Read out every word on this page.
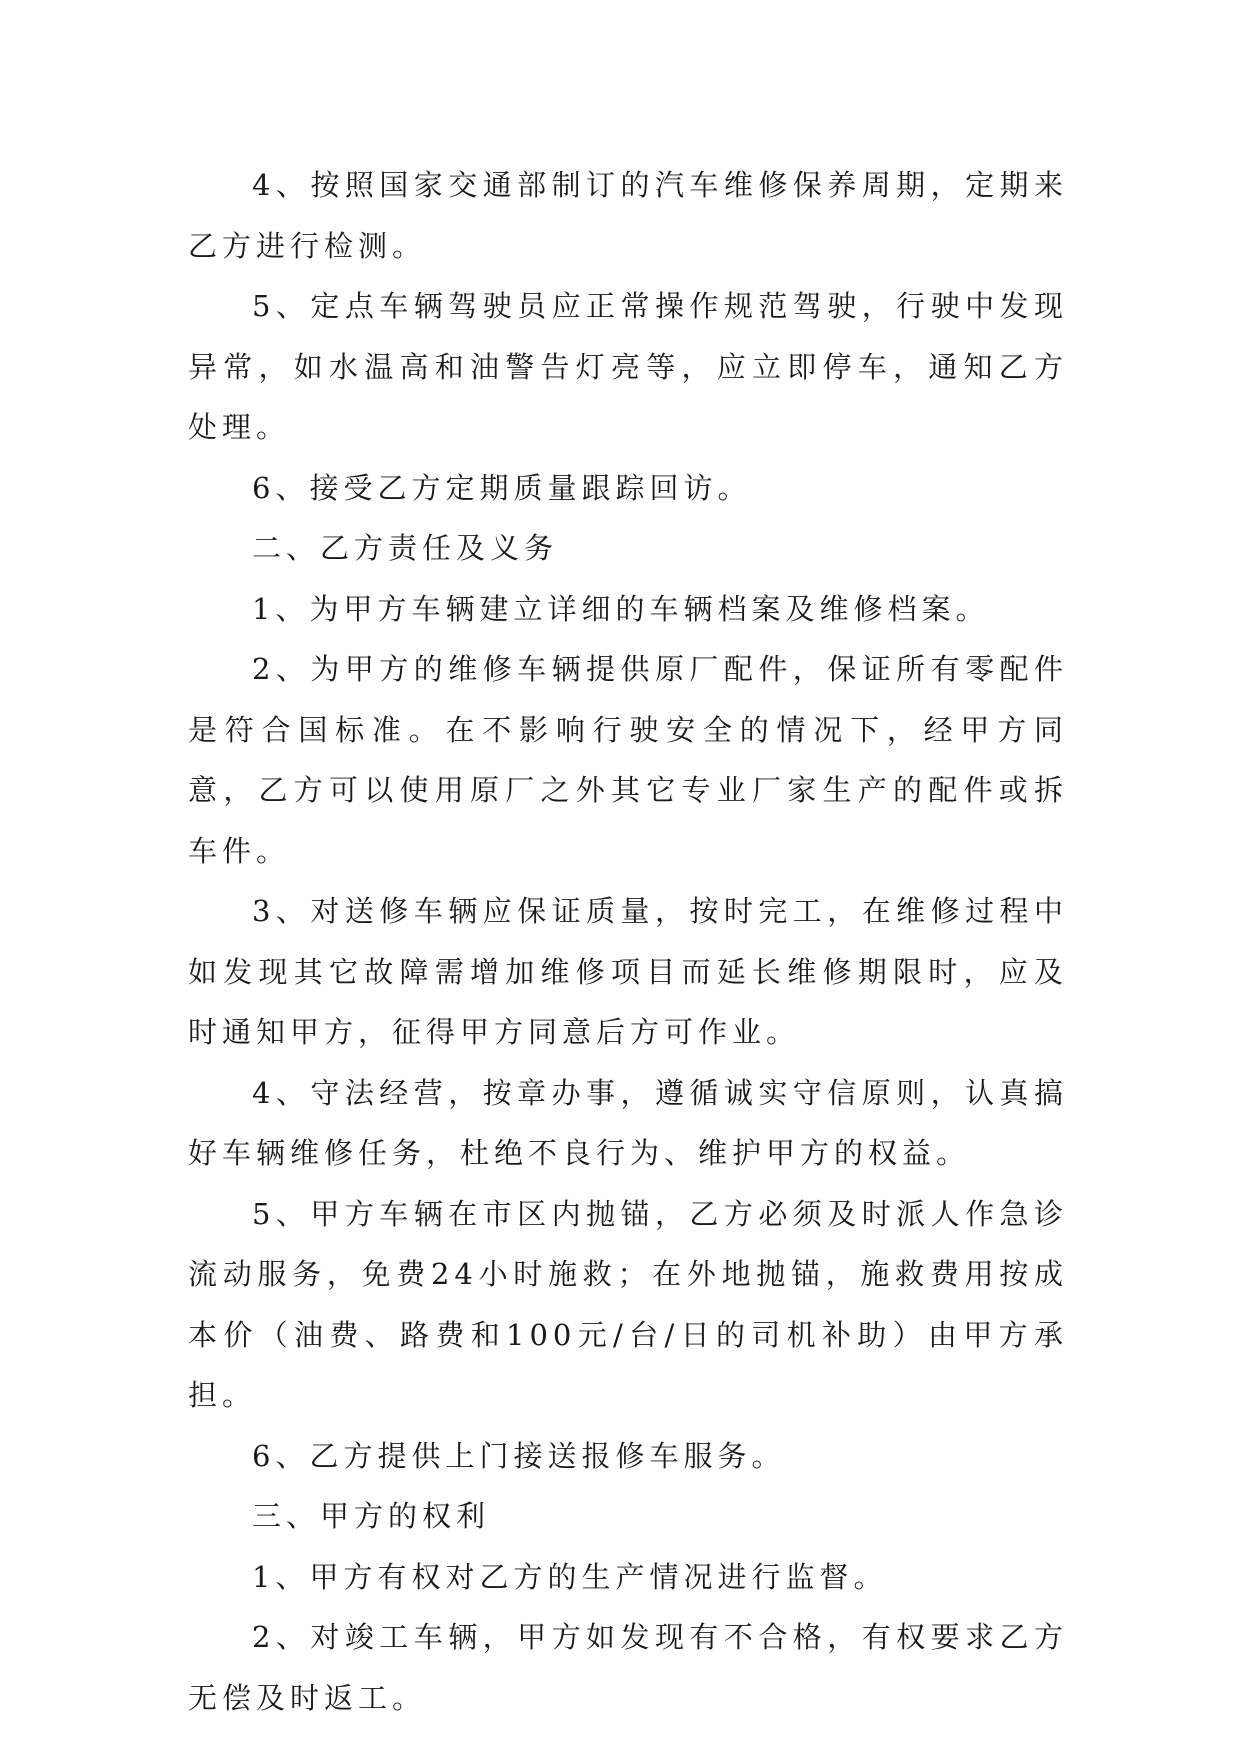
4、按照国家交通部制订的汽车维修保养周期，定期来乙方进行检测。

5、定点车辆驾驶员应正常操作规范驾驶，行驶中发现异常，如水温高和油警告灯亮等，应立即停车，通知乙方处理。

6、接受乙方定期质量跟踪回访。

二、乙方责任及义务

1、为甲方车辆建立详细的车辆档案及维修档案。

2、为甲方的维修车辆提供原厂配件，保证所有零配件是符合国标准。在不影响行驶安全的情况下，经甲方同意，乙方可以使用原厂之外其它专业厂家生产的配件或拆车件。

3、对送修车辆应保证质量，按时完工，在维修过程中如发现其它故障需增加维修项目而延长维修期限时，应及时通知甲方，征得甲方同意后方可作业。

4、守法经营，按章办事，遵循诚实守信原则，认真搞好车辆维修任务，杜绝不良行为、维护甲方的权益。

5、甲方车辆在市区内抛锚，乙方必须及时派人作急诊流动服务，免费24小时施救；在外地抛锚，施救费用按成本价（油费、路费和100元/台/日的司机补助）由甲方承担。

6、乙方提供上门接送报修车服务。

三、甲方的权利

1、甲方有权对乙方的生产情况进行监督。

2、对竣工车辆，甲方如发现有不合格，有权要求乙方无偿及时返工。
